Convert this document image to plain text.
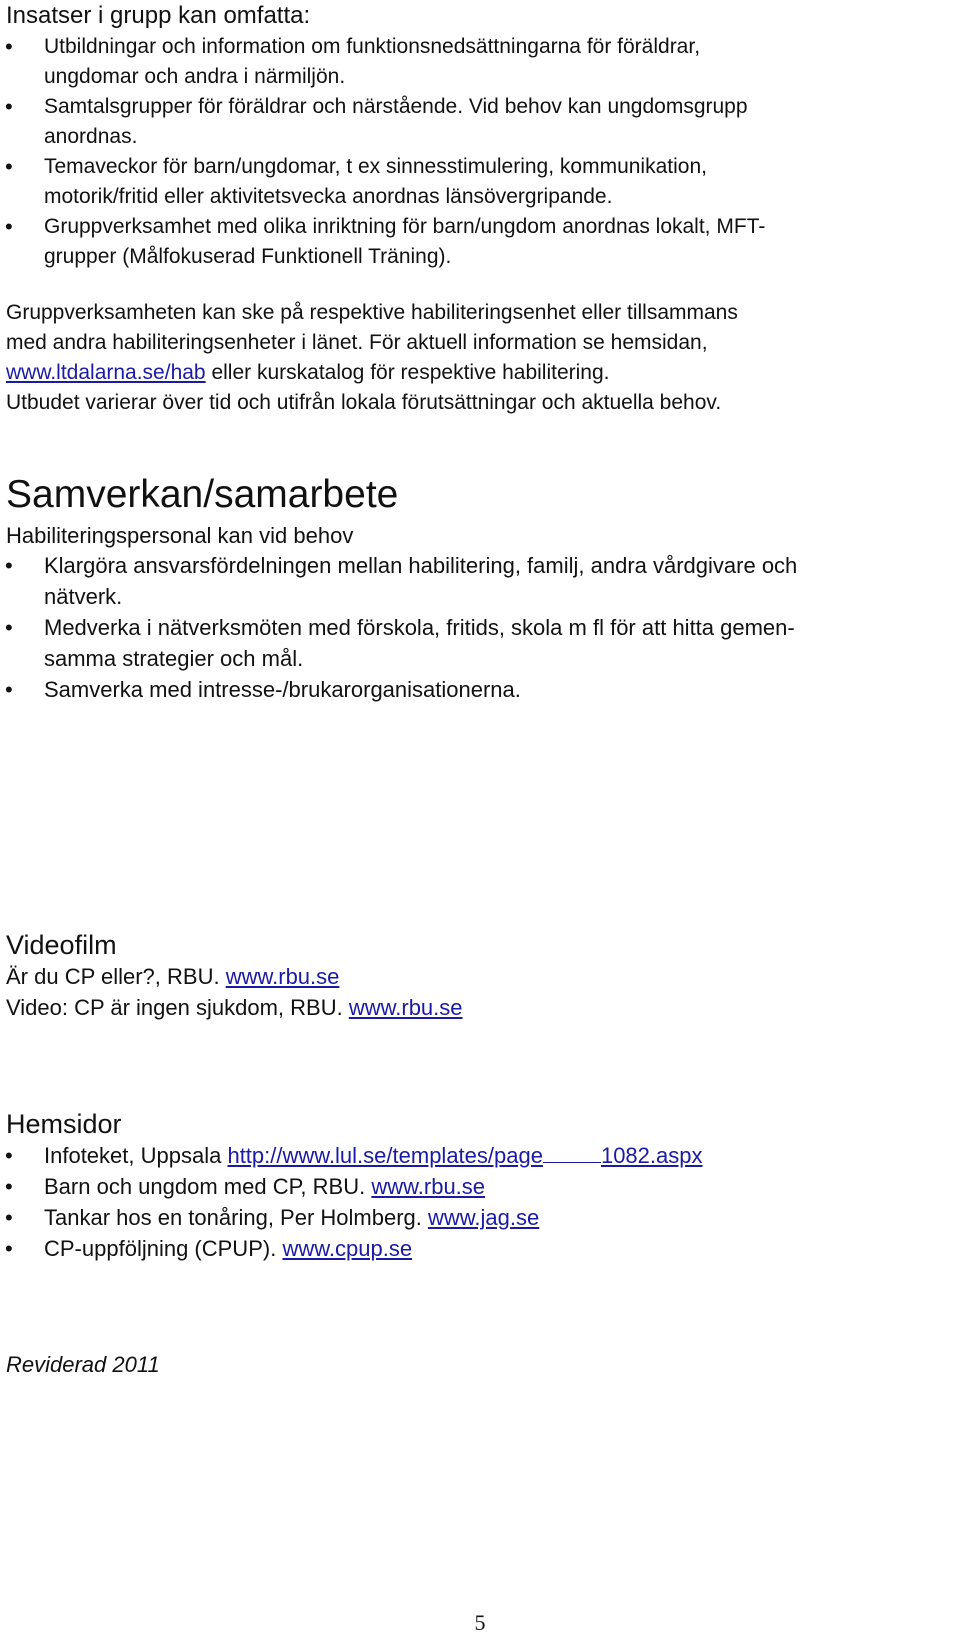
Insatser i grupp kan omfatta:
• Utbildningar och information om funktionsnedsättningarna för föräldrar,
ungdomar och andra i närmiljön.
• Samtalsgrupper för föräldrar och närstående. Vid behov kan ungdomsgrupp
anordnas.
• Temaveckor för barn/ungdomar, t ex sinnesstimulering, kommunikation,
motorik/fritid eller aktivitetsvecka anordnas länsövergripande.
• Gruppverksamhet med olika inriktning för barn/ungdom anordnas lokalt, MFT-
grupper (Målfokuserad Funktionell Träning).
Gruppverksamheten kan ske på respektive habiliteringsenhet eller tillsammans
med andra habiliteringsenheter i länet. För aktuell information se hemsidan,
www.ltdalarna.se/hab eller kurskatalog för respektive habilitering.
Utbudet varierar över tid och utifrån lokala förutsättningar och aktuella behov.
Samverkan/samarbete
Habiliteringspersonal kan vid behov
• Klargöra ansvarsfördelningen mellan habilitering, familj, andra vårdgivare och
nätverk.
• Medverka i nätverksmöten med förskola, fritids, skola m fl för att hitta gemen-
samma strategier och mål.
• Samverka med intresse-/brukarorganisationerna.
Videofilm
Är du CP eller?, RBU. www.rbu.se
Video: CP är ingen sjukdom, RBU. www.rbu.se
Hemsidor
• Infoteket, Uppsala http://www.lul.se/templates/page	1082.aspx
• Barn och ungdom med CP, RBU. www.rbu.se
• Tankar hos en tonåring, Per Holmberg. www.jag.se
• CP-uppföljning (CPUP). www.cpup.se
Reviderad 2011
5
